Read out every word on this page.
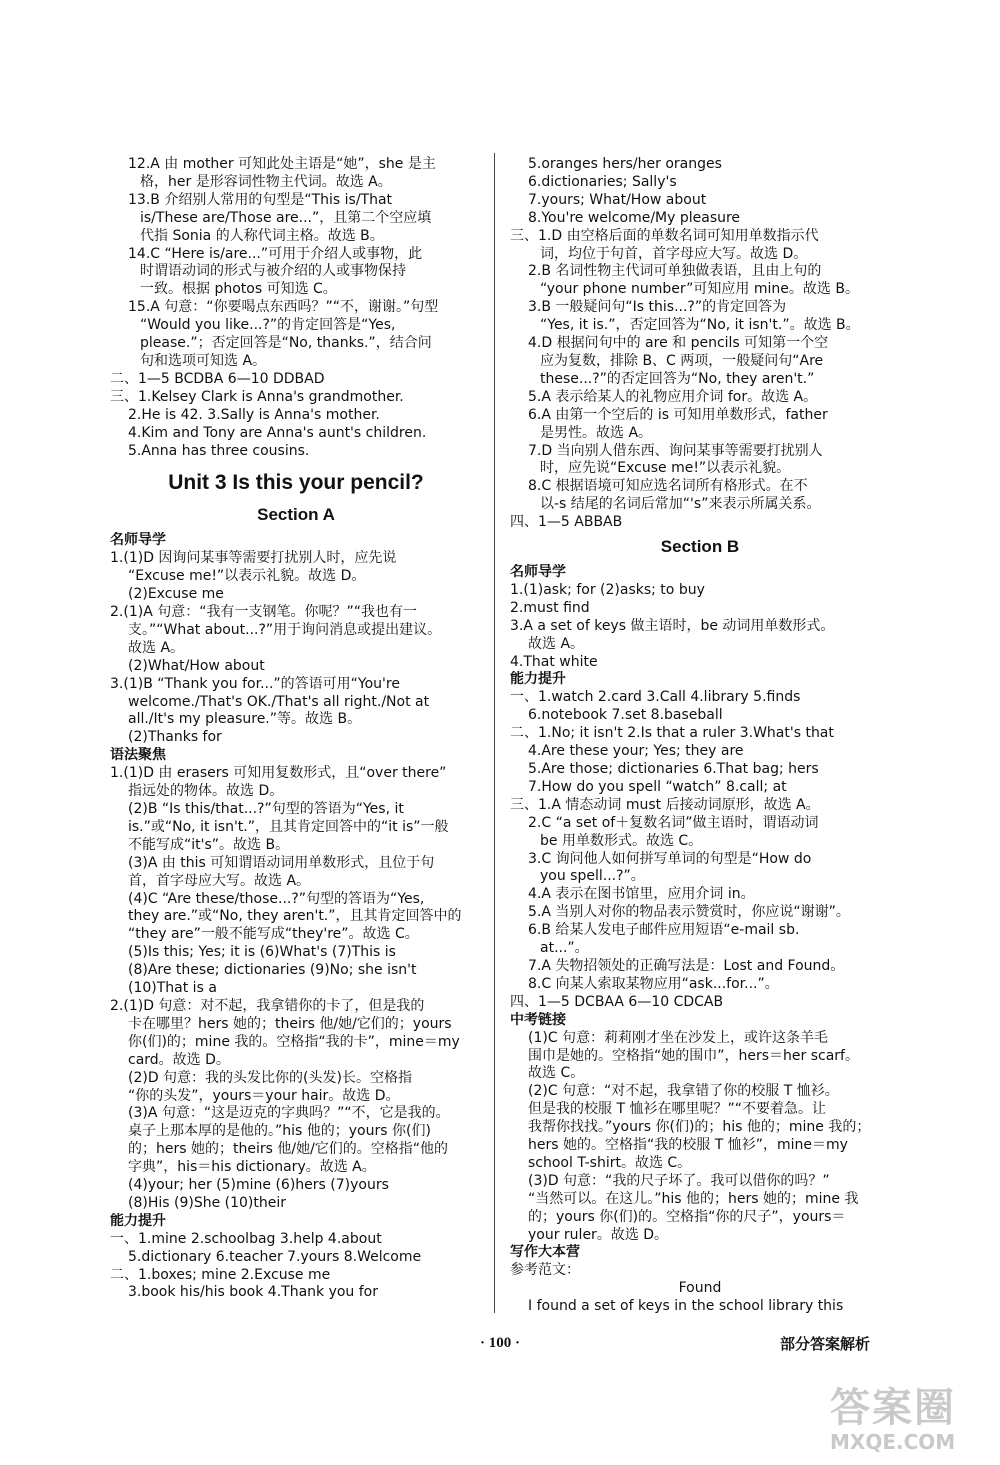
12.A 由 mother 可知此处主语是“她”，she 是主
格，her 是形容词性物主代词。故选 A。
13.B 介绍别人常用的句型是“This is/That
is/These are/Those are...”，且第二个空应填
代指 Sonia 的人称代词主格。故选 B。
14.C “Here is/are...”可用于介绍人或事物，此
时谓语动词的形式与被介绍的人或事物保持
一致。根据 photos 可知选 C。
15.A 句意：“你要喝点东西吗？”“不，谢谢。”句型
“Would you like...?”的肯定回答是“Yes,
please.”；否定回答是“No, thanks.”，结合问
句和选项可知选 A。
二、1—5 BCDBA 6—10 DDBAD
三、1.Kelsey Clark is Anna's grandmother.
2.He is 42. 3.Sally is Anna's mother.
4.Kim and Tony are Anna's aunt's children.
5.Anna has three cousins.
Unit 3 Is this your pencil?
Section A
名师导学
1.(1)D 因询问某事等需要打扰别人时，应先说
“Excuse me!”以表示礼貌。故选 D。
(2)Excuse me
2.(1)A 句意：“我有一支钢笔。你呢？”“我也有一
支。”“What about...?”用于询问消息或提出建议。
故选 A。
(2)What/How about
3.(1)B “Thank you for...”的答语可用“You're
welcome./That's OK./That's all right./Not at
all./It's my pleasure.”等。故选 B。
(2)Thanks for
语法聚焦
1.(1)D 由 erasers 可知用复数形式，且“over there”
指远处的物体。故选 D。
(2)B “Is this/that...?”句型的答语为“Yes, it
is.”或“No, it isn't.”，且其肯定回答中的“it is”一般
不能写成“it's”。故选 B。
(3)A 由 this 可知谓语动词用单数形式，且位于句
首，首字母应大写。故选 A。
(4)C “Are these/those...?”句型的答语为“Yes,
they are.”或“No, they aren't.”，且其肯定回答中的
“they are”一般不能写成“they're”。故选 C。
(5)Is this; Yes; it is (6)What's (7)This is
(8)Are these; dictionaries (9)No; she isn't
(10)That is a
2.(1)D 句意：对不起，我拿错你的卡了，但是我的
卡在哪里？hers 她的；theirs 他/她/它们的；yours
你(们)的；mine 我的。空格指“我的卡”，mine＝my
card。故选 D。
(2)D 句意：我的头发比你的(头发)长。空格指
“你的头发”，yours＝your hair。故选 D。
(3)A 句意：“这是迈克的字典吗？”“不，它是我的。
桌子上那本厚的是他的。”his 他的；yours 你(们)
的；hers 她的；theirs 他/她/它们的。空格指“他的
字典”，his＝his dictionary。故选 A。
(4)your; her (5)mine (6)hers (7)yours
(8)His (9)She (10)their
能力提升
一、1.mine 2.schoolbag 3.help 4.about
5.dictionary 6.teacher 7.yours 8.Welcome
二、1.boxes; mine 2.Excuse me
3.book his/his book 4.Thank you for
5.oranges hers/her oranges
6.dictionaries; Sally's
7.yours; What/How about
8.You're welcome/My pleasure
三、1.D 由空格后面的单数名词可知用单数指示代
词，均位于句首，首字母应大写。故选 D。
2.B 名词性物主代词可单独做表语，且由上句的
“your phone number”可知应用 mine。故选 B。
3.B 一般疑问句“Is this...?”的肯定回答为
“Yes, it is.”，否定回答为“No, it isn't.”。故选 B。
4.D 根据问句中的 are 和 pencils 可知第一个空
应为复数，排除 B、C 两项，一般疑问句“Are
these...?”的否定回答为“No, they aren't.”
5.A 表示给某人的礼物应用介词 for。故选 A。
6.A 由第一个空后的 is 可知用单数形式，father
是男性。故选 A。
7.D 当向别人借东西、询问某事等需要打扰别人
时，应先说“Excuse me!”以表示礼貌。
8.C 根据语境可知应选名词所有格形式。在不
以-s 结尾的名词后常加“'s”来表示所属关系。
四、1—5 ABBAB
Section B
名师导学
1.(1)ask; for (2)asks; to buy
2.must find
3.A a set of keys 做主语时，be 动词用单数形式。
故选 A。
4.That white
能力提升
一、1.watch 2.card 3.Call 4.library 5.finds
6.notebook 7.set 8.baseball
二、1.No; it isn't 2.Is that a ruler 3.What's that
4.Are these your; Yes; they are
5.Are those; dictionaries 6.That bag; hers
7.How do you spell “watch” 8.call; at
三、1.A 情态动词 must 后接动词原形，故选 A。
2.C “a set of＋复数名词”做主语时，谓语动词
be 用单数形式。故选 C。
3.C 询问他人如何拼写单词的句型是“How do
you spell...?”。
4.A 表示在图书馆里，应用介词 in。
5.A 当别人对你的物品表示赞赏时，你应说“谢谢”。
6.B 给某人发电子邮件应用短语“e-mail sb.
at...”。
7.A 失物招领处的正确写法是：Lost and Found。
8.C 向某人索取某物应用“ask...for...”。
四、1—5 DCBAA 6—10 CDCAB
中考链接
(1)C 句意：莉莉刚才坐在沙发上，或许这条羊毛
围巾是她的。空格指“她的围巾”，hers＝her scarf。
故选 C。
(2)C 句意：“对不起，我拿错了你的校服 T 恤衫。
但是我的校服 T 恤衫在哪里呢？”“不要着急。让
我帮你找找。”yours 你(们)的；his 他的；mine 我的；
hers 她的。空格指“我的校服 T 恤衫”，mine＝my
school T-shirt。故选 C。
(3)D 句意：“我的尺子坏了。我可以借你的吗？”
“当然可以。在这儿。”his 他的；hers 她的；mine 我
的；yours 你(们)的。空格指“你的尺子”，yours＝
your ruler。故选 D。
写作大本营
参考范文：
Found
I found a set of keys in the school library this
· 100 ·	部分答案解析
答案圈
MXQE.COM
